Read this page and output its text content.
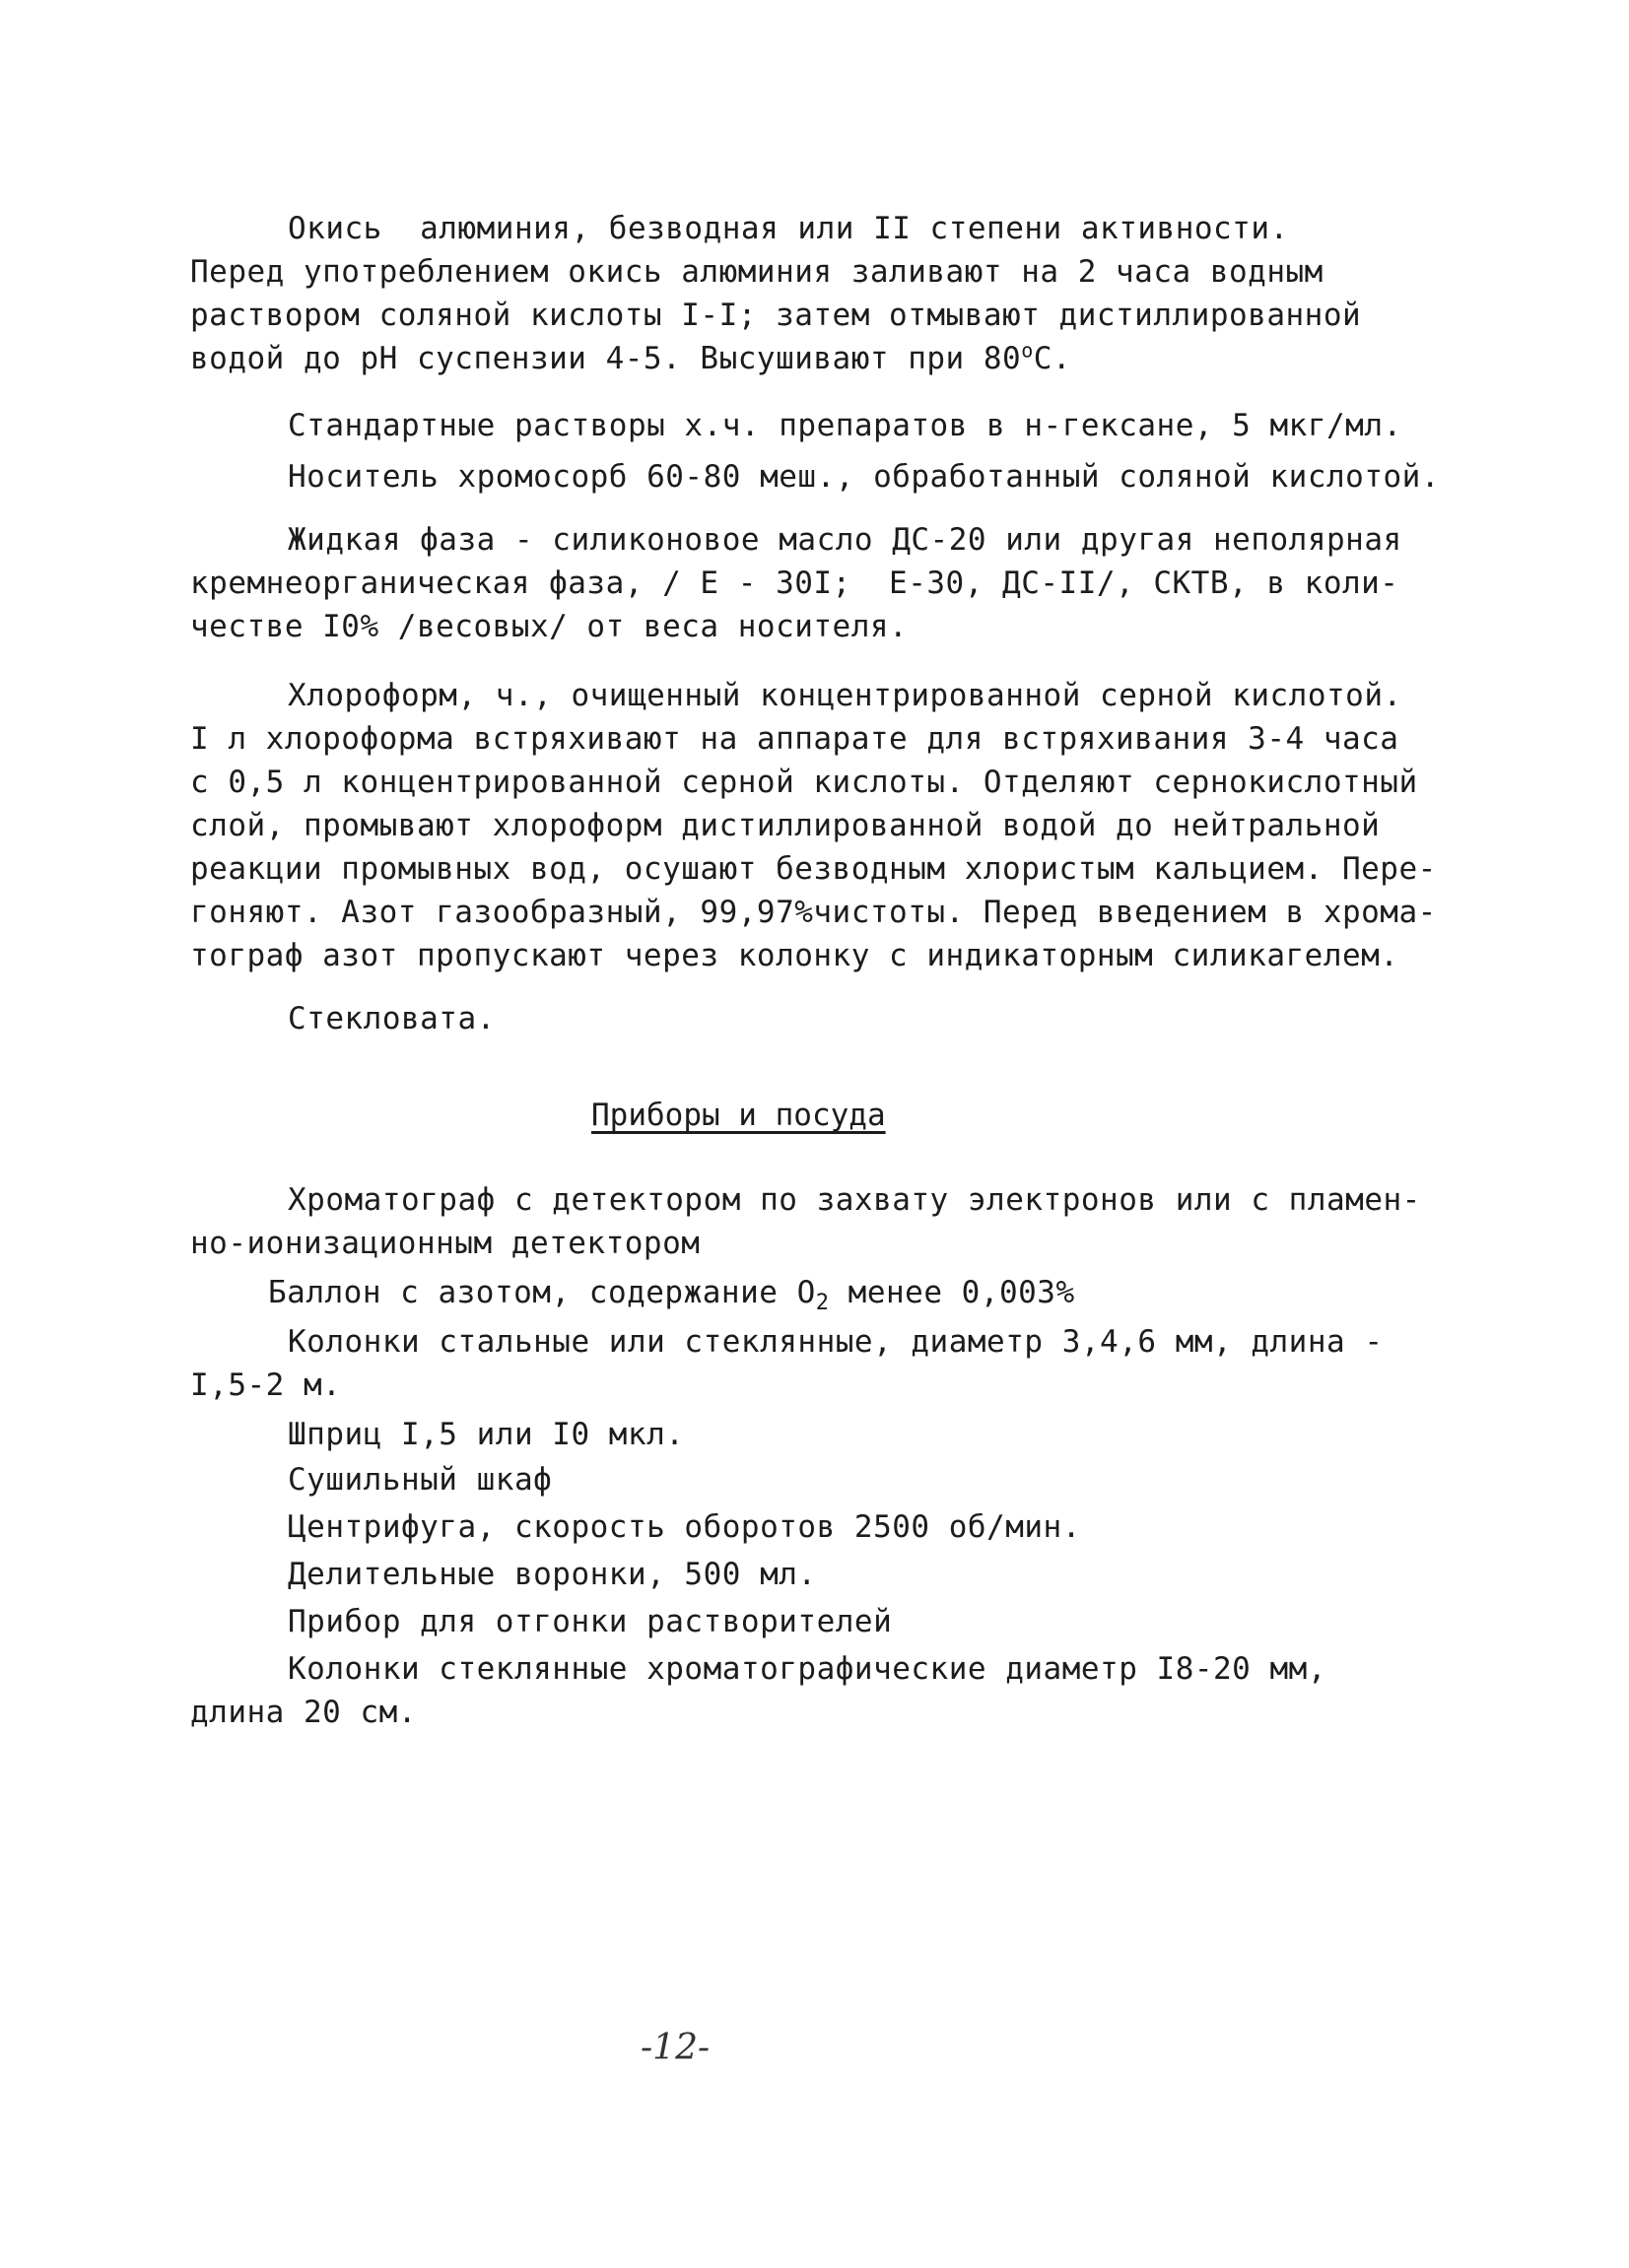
Окись  алюминия, безводная или II степени активности.
Перед употреблением окись алюминия заливают на 2 часа водным
раствором соляной кислоты I-I; затем отмывают дистиллированной
водой до рН суспензии 4-5. Высушивают при $80^оС$.
Стандартные растворы х.ч. препаратов в н-гексане, 5 мкг/мл.
Носитель хромосорб 60-80 меш., обработанный соляной кислотой.
Жидкая фаза - силиконовое масло ДС-20 или другая неполярная
кремнеорганическая фаза, / Е - 30I;  Е-30, ДС-II/, СКТВ, в коли-
честве I0% /весовых/ от веса носителя.
Хлороформ, ч., очищенный концентрированной серной кислотой.
I л хлороформа встряхивают на аппарате для встряхивания 3-4 часа
с 0,5 л концентрированной серной кислоты. Отделяют сернокислотный
слой, промывают хлороформ дистиллированной водой до нейтральной
реакции промывных вод, осушают безводным хлористым кальцием. Пере-
гоняют. Азот газообразный, 99,97%чистоты. Перед введением в хрома-
тограф азот пропускают через колонку с индикаторным силикагелем.
Стекловата.
Приборы и посуда
Хроматограф с детектором по захвату электронов или с пламен-
но-ионизационным детектором
Баллон с азотом, содержание $О_2$ менее 0,003%
Колонки стальные или стеклянные, диаметр 3,4,6 мм, длина -
I,5-2 м.
Шприц I,5 или I0 мкл.
Сушильный шкаф
Центрифуга, скорость оборотов 2500 об/мин.
Делительные воронки, 500 мл.
Прибор для отгонки растворителей
Колонки стеклянные хроматографические диаметр I8-20 мм,
длина 20 см.
-12-
